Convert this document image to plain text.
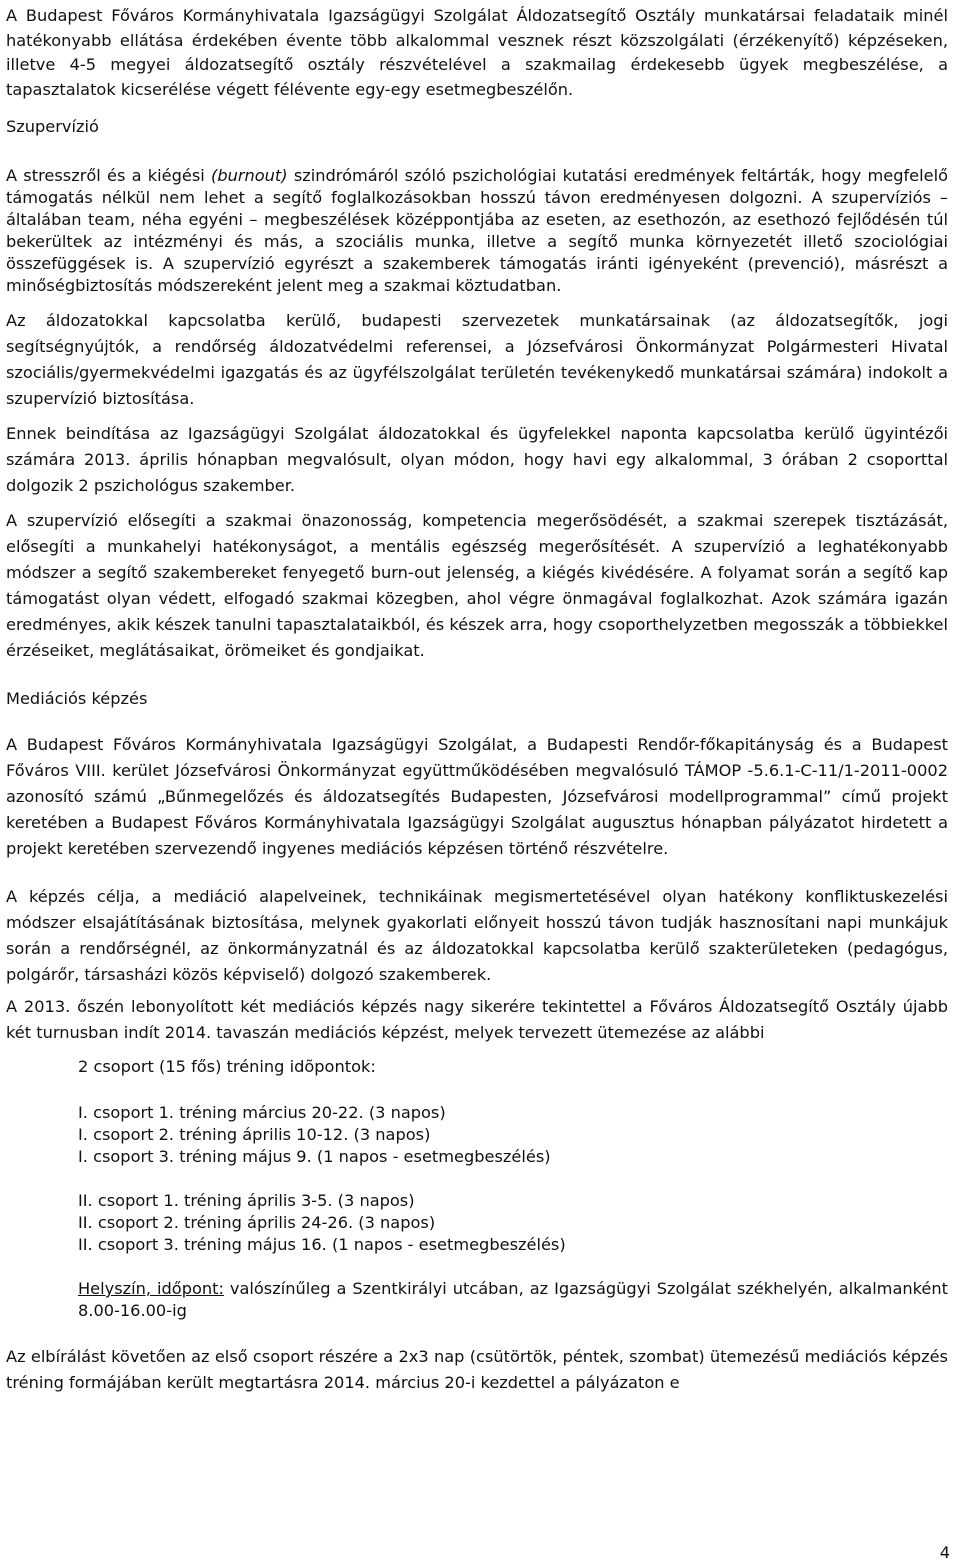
A Budapest Főváros Kormányhivatala Igazságügyi Szolgálat Áldozatsegítő Osztály munkatársai feladataik minél hatékonyabb ellátása érdekében évente több alkalommal vesznek részt közszolgálati (érzékenyítő) képzéseken, illetve 4-5 megyei áldozatsegítő osztály részvételével a szakmailag érdekesebb ügyek megbeszélése, a tapasztalatok kicserélése végett félévente egy-egy esetmegbeszélőn.

Szupervízió

A stresszről és a kiégési (burnout) szindrómáról szóló pszichológiai kutatási eredmények feltárták, hogy megfelelő támogatás nélkül nem lehet a segítő foglalkozásokban hosszú távon eredményesen dolgozni. A szupervíziós – általában team, néha egyéni – megbeszélések középpontjába az eseten, az esethozón, az esethozó fejlődésén túl bekerültek az intézményi és más, a szociális munka, illetve a segítő munka környezetét illető szociológiai összefüggések is. A szupervízió egyrészt a szakemberek támogatás iránti igényeként (prevenció), másrészt a minőségbiztosítás módszereként jelent meg a szakmai köztudatban.

Az áldozatokkal kapcsolatba kerülő, budapesti szervezetek munkatársainak (az áldozatsegítők, jogi segítségnyújtók, a rendőrség áldozatvédelmi referensei, a Józsefvárosi Önkormányzat Polgármesteri Hivatal szociális/gyermekvédelmi igazgatás és az ügyfélszolgálat területén tevékenykedő munkatársai számára) indokolt a szupervízió biztosítása.

Ennek beindítása az Igazságügyi Szolgálat áldozatokkal és ügyfelekkel naponta kapcsolatba kerülő ügyintézői számára 2013. április hónapban megvalósult, olyan módon, hogy havi egy alkalommal, 3 órában 2 csoporttal dolgozik 2 pszichológus szakember.

A szupervízió elősegíti a szakmai önazonosság, kompetencia megerősödését, a szakmai szerepek tisztázását, elősegíti a munkahelyi hatékonyságot, a mentális egészség megerősítését. A szupervízió a leghatékonyabb módszer a segítő szakembereket fenyegető burn-out jelenség, a kiégés kivédésére. A folyamat során a segítő kap támogatást olyan védett, elfogadó szakmai közegben, ahol végre önmagával foglalkozhat. Azok számára igazán eredményes, akik készek tanulni tapasztalataikból, és készek arra, hogy csoporthelyzetben megosszák a többiekkel érzéseiket, meglátásaikat, örömeiket és gondjaikat.

Mediációs képzés

A Budapest Főváros Kormányhivatala Igazságügyi Szolgálat, a Budapesti Rendőr-főkapitányság és a Budapest Főváros VIII. kerület Józsefvárosi Önkormányzat együttműködésében megvalósuló TÁMOP -5.6.1-C-11/1-2011-0002 azonosító számú „Bűnmegelőzés és áldozatsegítés Budapesten, Józsefvárosi modellprogrammal” című projekt keretében a Budapest Főváros Kormányhivatala Igazságügyi Szolgálat augusztus hónapban pályázatot hirdetett a projekt keretében szervezendő ingyenes mediációs képzésen történő részvételre.

A képzés célja, a mediáció alapelveinek, technikáinak megismertetésével olyan hatékony konfliktuskezelési módszer elsajátításának biztosítása, melynek gyakorlati előnyeit hosszú távon tudják hasznosítani napi munkájuk során a rendőrségnél, az önkormányzatnál és az áldozatokkal kapcsolatba kerülő szakterületeken (pedagógus, polgárőr, társasházi közös képviselő) dolgozó szakemberek.

A 2013. őszén lebonyolított két mediációs képzés nagy sikerére tekintettel a Főváros Áldozatsegítő Osztály újabb két turnusban indít 2014. tavaszán mediációs képzést, melyek tervezett ütemezése az alábbi

2 csoport (15 fős) tréning idõpontok:

I. csoport 1. tréning március 20-22. (3 napos)

I. csoport 2. tréning április 10-12. (3 napos)

I. csoport 3. tréning május 9. (1 napos - esetmegbeszélés)

II. csoport 1. tréning április 3-5. (3 napos)

II. csoport 2. tréning április 24-26. (3 napos)

II. csoport 3. tréning május 16. (1 napos - esetmegbeszélés)

Helyszín, időpont: valószínűleg a Szentkirályi utcában, az Igazságügyi Szolgálat székhelyén, alkalmanként 8.00-16.00-ig

Az elbírálást követően az első csoport részére a 2x3 nap (csütörtök, péntek, szombat) ütemezésű mediációs képzés tréning formájában került megtartásra 2014. március 20-i kezdettel a pályázaton e

4
